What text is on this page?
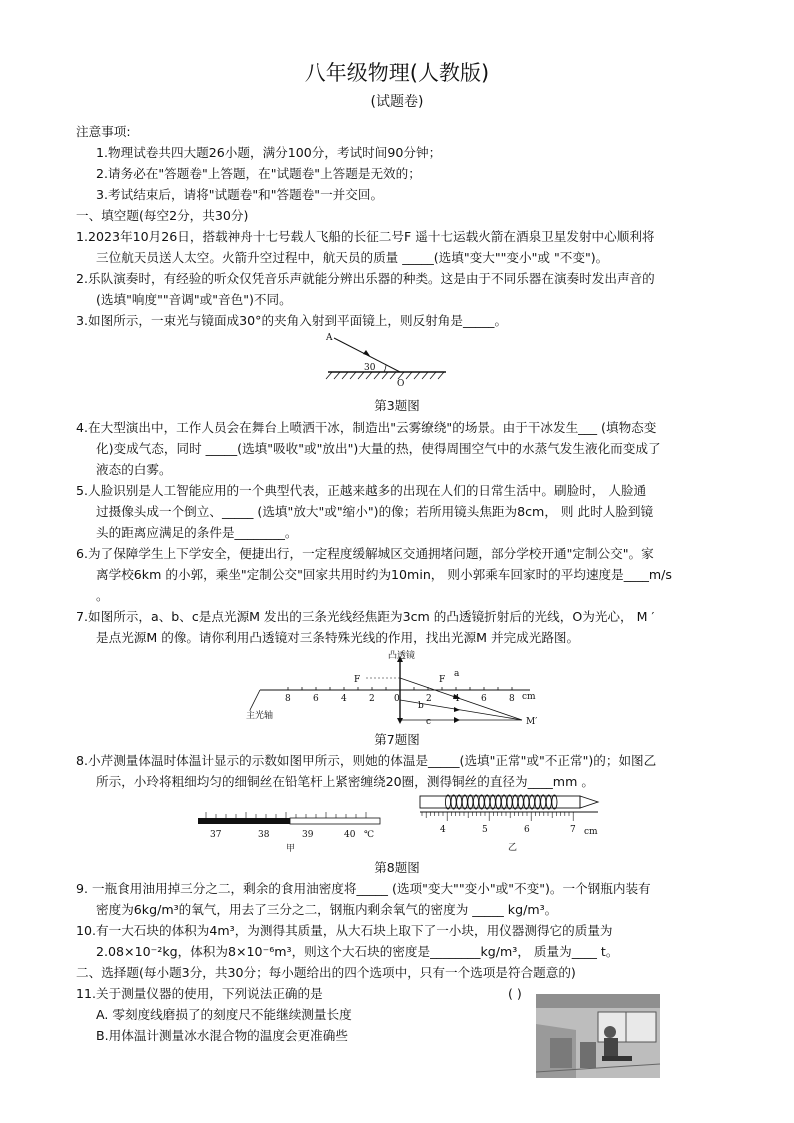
八年级物理(人教版)
(试题卷)
注意事项:
1.物理试卷共四大题26小题，满分100分，考试时间90分钟；
2.请务必在"答题卷"上答题，在"试题卷"上答题是无效的；
3.考试结束后，请将"试题卷"和"答题卷"一并交回。
一、填空题(每空2分，共30分)
1.2023年10月26日，搭载神舟十七号载人飞船的长征二号F 遥十七运载火箭在酒泉卫星发射中心顺利将
三位航天员送人太空。火箭升空过程中，航天员的质量 _____(选填"变大""变小"或 "不变")。
2.乐队演奏时，有经验的听众仅凭音乐声就能分辨出乐器的种类。这是由于不同乐器在演奏时发出声音的
(选填"响度""音调"或"音色")不同。
3.如图所示，一束光与镜面成30°的夹角入射到平面镜上，则反射角是_____。
A
30
O
第3题图
4.在大型演出中，工作人员会在舞台上喷洒干冰，制造出"云雾缭绕"的场景。由于干冰发生___ (填物态变
化)变成气态，同时 _____(选填"吸收"或"放出")大量的热，使得周围空气中的水蒸气发生液化而变成了
液态的白雾。
5.人脸识别是人工智能应用的一个典型代表，正越来越多的出现在人们的日常生活中。刷脸时， 人脸通
过摄像头成一个倒立、_____ (选填"放大"或"缩小")的像；若所用镜头焦距为8cm， 则 此时人脸到镜
头的距离应满足的条件是________。
6.为了保障学生上下学安全，便捷出行，一定程度缓解城区交通拥堵问题，部分学校开通"定制公交"。家
离学校6km 的小郭，乘坐"定制公交"回家共用时约为10min， 则小郭乘车回家时的平均速度是____m/s
。
7.如图所示，a、b、c是点光源M 发出的三条光线经焦距为3cm 的凸透镜折射后的光线，O为光心， M ′
是点光源M 的像。请你利用凸透镜对三条特殊光线的作用，找出光源M 并完成光路图。
凸透镜
主光轴
F	F
8 6 4 2 0	2 4 6 8 cm
a
b
c	M′
第7题图
8.小芹测量体温时体温计显示的示数如图甲所示，则她的体温是_____(选填"正常"或"不正常")的；如图乙
所示，小玲将粗细均匀的细铜丝在铅笔杆上紧密缠绕20圈，测得铜丝的直径为____mm 。
37	38	39	40 ℃
甲
4	5	6	7 cm
乙
第8题图
9. 一瓶食用油用掉三分之二，剩余的食用油密度将_____ (选项"变大""变小"或"不变")。一个钢瓶内装有
密度为6kg/m³的氧气，用去了三分之二，钢瓶内剩余氧气的密度为 _____ kg/m³。
10.有一大石块的体积为4m³，为测得其质量，从大石块上取下了一小块，用仪器测得它的质量为
2.08×10⁻²kg，体积为8×10⁻⁶m³，则这个大石块的密度是________kg/m³， 质量为____ t。
二、选择题(每小题3分，共30分；每小题给出的四个选项中，只有一个选项是符合题意的)
11.关于测量仪器的使用，下列说法正确的是	( )
A. 零刻度线磨损了的刻度尺不能继续测量长度
B.用体温计测量冰水混合物的温度会更准确些
